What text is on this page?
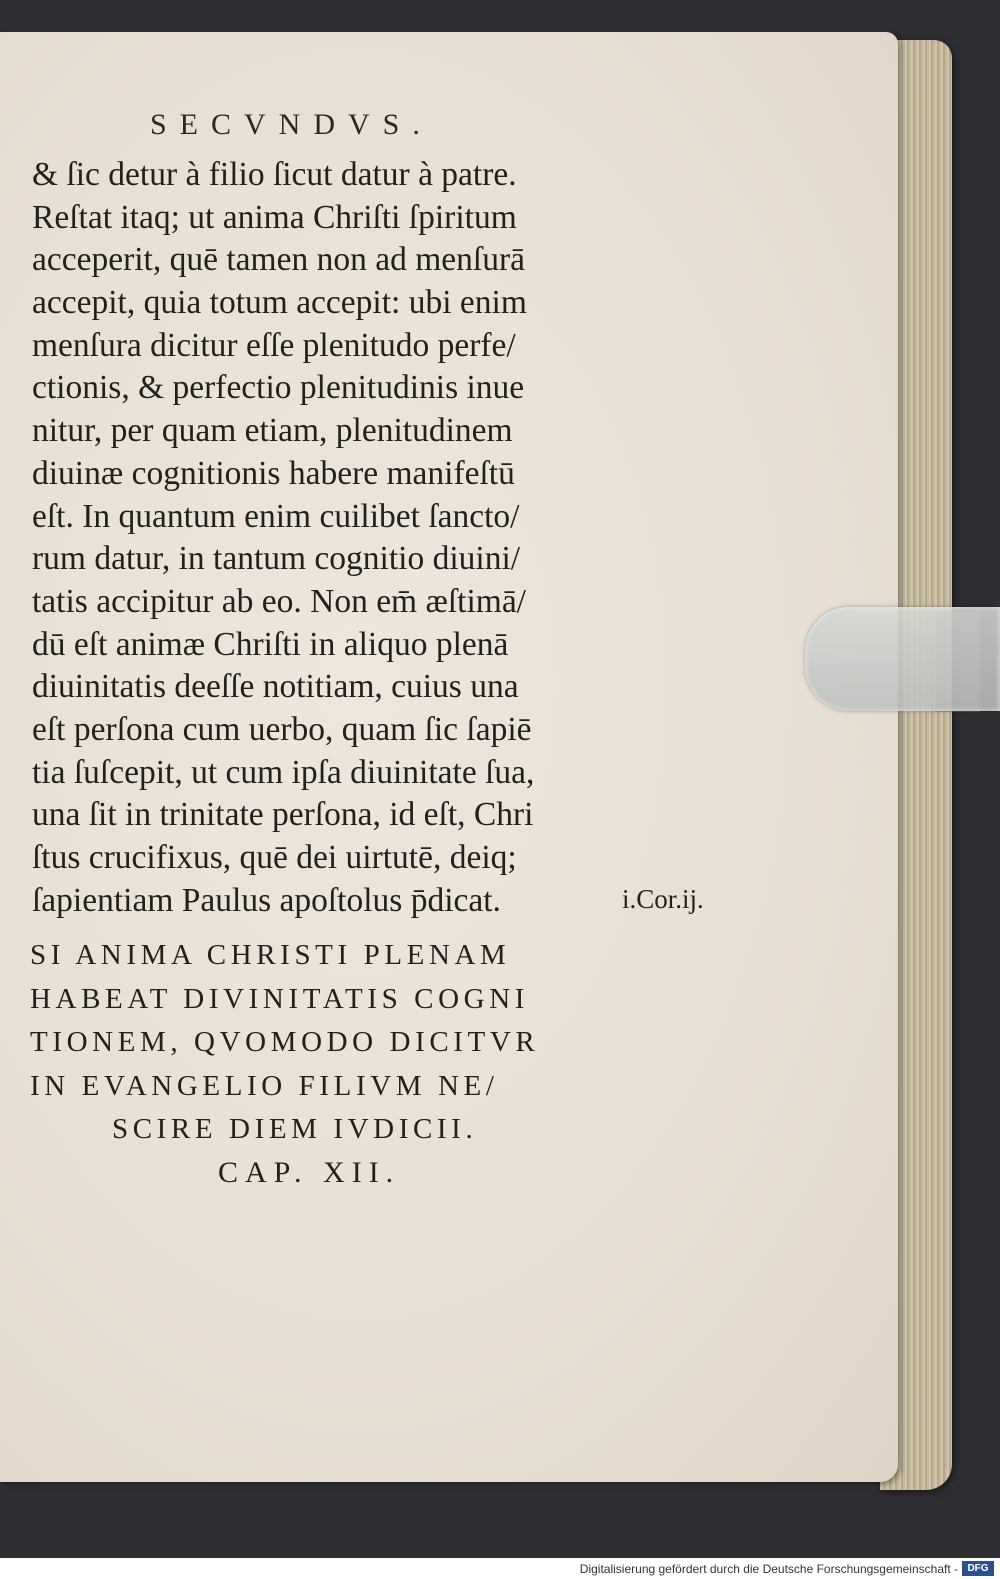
SECVNDVS.
& ſic detur à filio ſicut datur à patre.
Reſtat itaq; ut anima Chriſti ſpiritum
acceperit, quē tamen non ad menſurā
accepit, quia totum accepit: ubi enim
menſura dicitur eſſe plenitudo perfe/
ctionis, & perfectio plenitudinis inue
nitur, per quam etiam, plenitudinem
diuinæ cognitionis habere manifeſtū
eſt. In quantum enim cuilibet ſancto/
rum datur, in tantum cognitio diuini/
tatis accipitur ab eo. Non em̄ æſtimā/
dū eſt animæ Chriſti in aliquo plenā
diuinitatis deeſſe notitiam, cuius una
eſt perſona cum uerbo, quam ſic ſapiē
tia ſuſcepit, ut cum ipſa diuinitate ſua,
una ſit in trinitate perſona, id eſt, Chri
ſtus crucifixus, quē dei uirtutē, deiq;
ſapientiam Paulus apoſtolus p̄dicat.	i.Cor.ij.
SI ANIMA CHRISTI PLENAM
HABEAT DIVINITATIS COGNI
TIONEM, QVOMODO DICITVR
IN EVANGELIO FILIVM NE/
SCIRE DIEM IVDICII.
CAP. XII.
Digitalisierung gefördert durch die Deutsche Forschungsgemeinschaft - DFG
